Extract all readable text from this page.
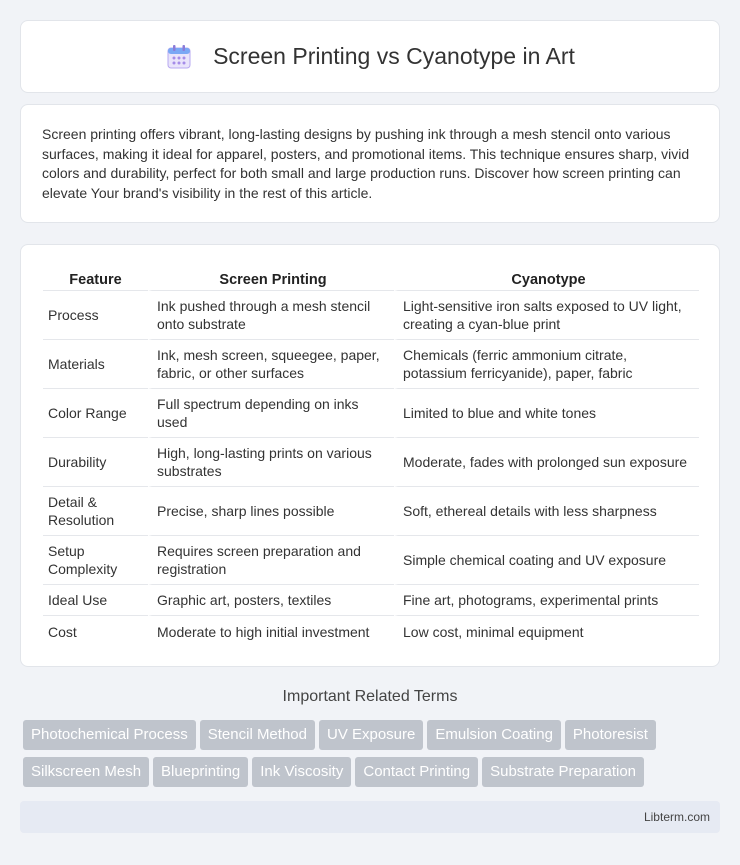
Screen Printing vs Cyanotype in Art

Screen printing offers vibrant, long-lasting designs by pushing ink through a mesh stencil onto various surfaces, making it ideal for apparel, posters, and promotional items. This technique ensures sharp, vivid colors and durability, perfect for both small and large production runs. Discover how screen printing can elevate Your brand's visibility in the rest of this article.

Feature	Screen Printing	Cyanotype
Process	Ink pushed through a mesh stencil onto substrate	Light-sensitive iron salts exposed to UV light, creating a cyan-blue print
Materials	Ink, mesh screen, squeegee, paper, fabric, or other surfaces	Chemicals (ferric ammonium citrate, potassium ferricyanide), paper, fabric
Color Range	Full spectrum depending on inks used	Limited to blue and white tones
Durability	High, long-lasting prints on various substrates	Moderate, fades with prolonged sun exposure
Detail & Resolution	Precise, sharp lines possible	Soft, ethereal details with less sharpness
Setup Complexity	Requires screen preparation and registration	Simple chemical coating and UV exposure
Ideal Use	Graphic art, posters, textiles	Fine art, photograms, experimental prints
Cost	Moderate to high initial investment	Low cost, minimal equipment
Important Related Terms
Photochemical Process Stencil Method UV Exposure Emulsion Coating Photoresist
Silkscreen Mesh Blueprinting Ink Viscosity Contact Printing Substrate Preparation
Libterm.com
